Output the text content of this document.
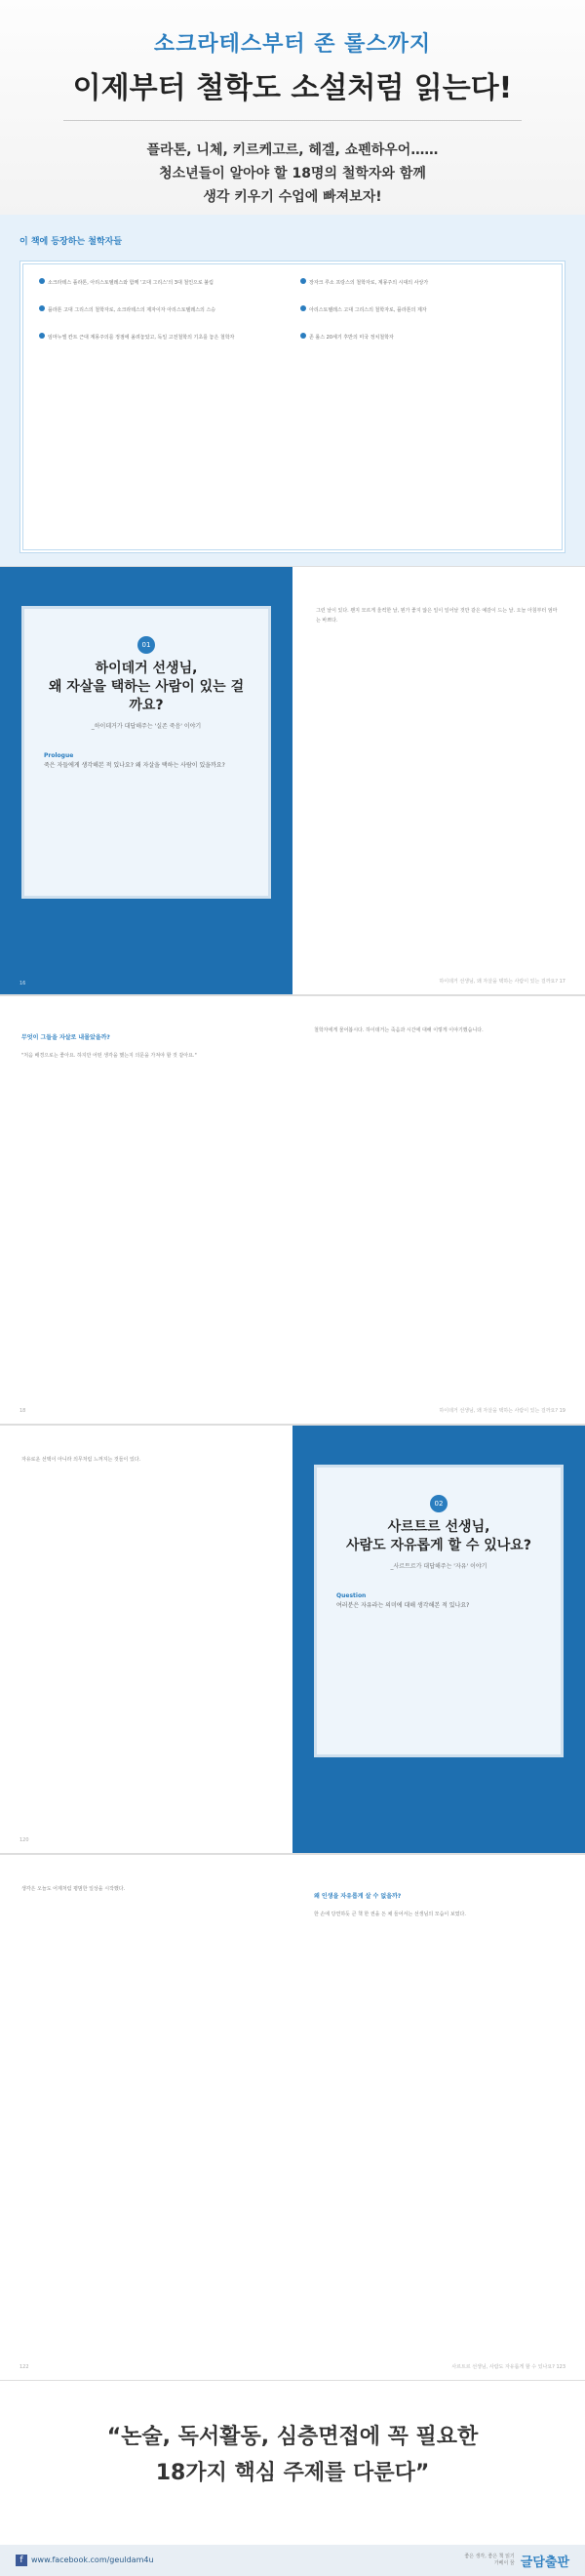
소크라테스부터 존 롤스까지
이제부터 철학도 소설처럼 읽는다!
플라톤, 니체, 키르케고르, 헤겔, 쇼펜하우어……
청소년들이 알아야 할 18명의 철학자와 함께
생각 키우기 수업에 빠져보자!
이 책에 등장하는 철학자들
소크라테스 플라톤, 아리스토텔레스와 함께 '고대 그리스'의 3대 철인으로 불림
플라톤 고대 그리스의 철학자로, 소크라테스의 제자이자 아리스토텔레스의 스승
임마누엘 칸트 근대 계몽주의를 정점에 올려놓았고, 독일 고전철학의 기초를 놓은 철학자
장자크 루소 프랑스의 철학자로, 계몽주의 시대의 사상가
아리스토텔레스 고대 그리스의 철학자로, 플라톤의 제자
존 롤스 20세기 후반의 미국 정치철학자
01
하이데거 선생님,
왜 자살을 택하는 사람이 있는 걸까요?
_하이데거가 대답해주는 '실존 죽음' 이야기
Prologue
죽은 자들에게 생각해본 적 있나요? 왜 자살을 택하는 사람이 있을까요?
16
그런 날이 있다. 왠지 모르게 울컥한 날, 뭔가 좋지 않은 일이 일어날 것만 같은 예감이 드는 날. 오늘 아침부터 엄마는 바쁘다.
하이데거 선생님, 왜 자살을 택하는 사람이 있는 걸까요? 17
무엇이 그들을 자살로 내몰았을까?
"처음 배경으로는 좋아요. 하지만 어떤 생각을 했는지 의문을 가져야 할 것 같아요."
18
철학자에게 물어봅시다. 하이데거는 죽음과 시간에 대해 이렇게 이야기했습니다.
하이데거 선생님, 왜 자살을 택하는 사람이 있는 걸까요? 19
자유로운 선택이 아니라 의무처럼 느껴지는 것들이 있다.
120
02
사르트르 선생님,
사람도 자유롭게 할 수 있나요?
_사르트르가 대답해주는 '자유' 이야기
Question
여러분은 자유라는 의미에 대해 생각해본 적 있나요?
생각은 오늘도 어제처럼 평범한 일상을 시작했다.
122
왜 인생을 자유롭게 살 수 없을까?
한 손에 당연하듯 큰 책 한 권을 든 채 들어서는 선생님의 모습이 보였다.
사르트르 선생님, 사람도 자유롭게 할 수 있나요? 123
“논술, 독서활동, 심층면접에 꼭 필요한
18가지 핵심 주제를 다룬다”
f www.facebook.com/geuldam4u	좋은 생각, 좋은 책 읽기
가베이 꿈 글담출판
